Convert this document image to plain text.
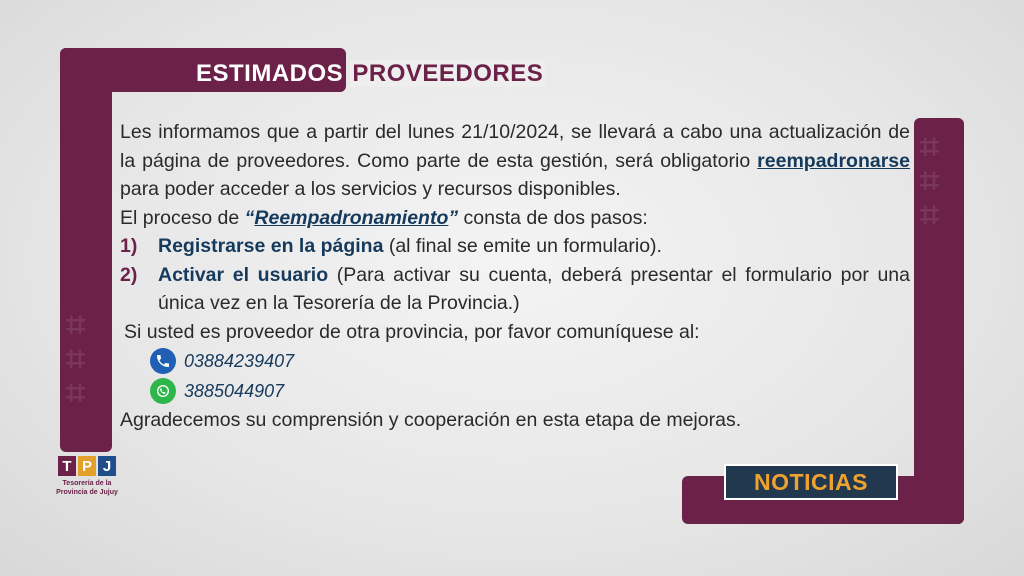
⌗
⌗
⌗
⌗
⌗
⌗
ESTIMADOS PROVEEDORES
Les informamos que a partir del lunes 21/10/2024, se llevará a cabo una actualización de la página de proveedores. Como parte de esta gestión, será obligatorio reempadronarse para poder acceder a los servicios y recursos disponibles.
El proceso de “Reempadronamiento” consta de dos pasos:
1)	Registrarse en la página (al final se emite un formulario).
2)	Activar el usuario (Para activar su cuenta, deberá presentar el formulario por una única vez en la Tesorería de la Provincia.)
Si usted es proveedor de otra provincia, por favor comuníquese al:
03884239407
3885044907
Agradecemos su comprensión y cooperación en esta etapa de mejoras.
NOTICIAS
T P J
Tesorería de la
Provincia de Jujuy
